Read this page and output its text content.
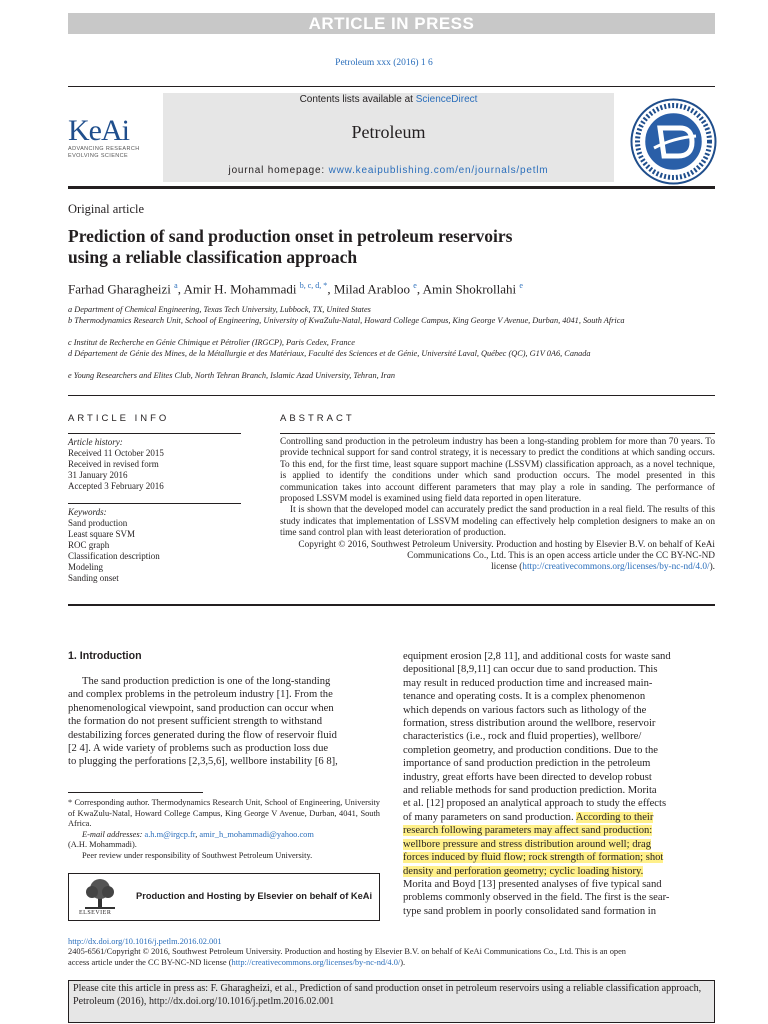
ARTICLE IN PRESS
Petroleum xxx (2016) 1 6
KeAi
ADVANCING RESEARCH
EVOLVING SCIENCE
Contents lists available at ScienceDirect
Petroleum
journal homepage: www.keaipublishing.com/en/journals/petlm
Original article
Prediction of sand production onset in petroleum reservoirs
using a reliable classification approach
Farhad Gharagheizi $^a$, Amir H. Mohammadi $^{b, c, d, *}$, Milad Arabloo $^e$, Amin Shokrollahi $^e$
a Department of Chemical Engineering, Texas Tech University, Lubbock, TX, United States
b Thermodynamics Research Unit, School of Engineering, University of KwaZulu-Natal, Howard College Campus, King George V Avenue, Durban, 4041, South Africa
c Institut de Recherche en Génie Chimique et Pétrolier (IRGCP), Paris Cedex, France
d Département de Génie des Mines, de la Métallurgie et des Matériaux, Faculté des Sciences et de Génie, Université Laval, Québec (QC), G1V 0A6, Canada
e Young Researchers and Elites Club, North Tehran Branch, Islamic Azad University, Tehran, Iran
ARTICLE INFO
Article history:
Received 11 October 2015
Received in revised form
31 January 2016
Accepted 3 February 2016
Keywords:
Sand production
Least square SVM
ROC graph
Classification description
Modeling
Sanding onset
ABSTRACT
Controlling sand production in the petroleum industry has been a long-standing problem for more than 70 years. To provide technical support for sand control strategy, it is necessary to predict the conditions at which sanding occurs. To this end, for the first time, least square support machine (LSSVM) classification approach, as a novel technique, is applied to identify the conditions under which sand production occurs. The model presented in this communication takes into account different parameters that may play a role in sanding. The performance of proposed LSSVM model is examined using field data reported in open literature.
It is shown that the developed model can accurately predict the sand production in a real field. The results of this study indicates that implementation of LSSVM modeling can effectively help completion designers to make an on time sand control plan with least deterioration of production.
Copyright © 2016, Southwest Petroleum University. Production and hosting by Elsevier B.V. on behalf of KeAi Communications Co., Ltd. This is an open access article under the CC BY-NC-ND
license (http://creativecommons.org/licenses/by-nc-nd/4.0/).
1. Introduction
The sand production prediction is one of the long-standing
and complex problems in the petroleum industry [1]. From the
phenomenological viewpoint, sand production can occur when
the formation do not present sufficient strength to withstand
destabilizing forces generated during the flow of reservoir fluid
[2 4]. A wide variety of problems such as production loss due
to plugging the perforations [2,3,5,6], wellbore instability [6 8],
equipment erosion [2,8 11], and additional costs for waste sand
depositional [8,9,11] can occur due to sand production. This
may result in reduced production time and increased main-
tenance and operating costs. It is a complex phenomenon
which depends on various factors such as lithology of the
formation, stress distribution around the wellbore, reservoir
characteristics (i.e., rock and fluid properties), wellbore/
completion geometry, and production conditions. Due to the
importance of sand production prediction in the petroleum
industry, great efforts have been directed to develop robust
and reliable methods for sand production prediction. Morita
et al. [12] proposed an analytical approach to study the effects
of many parameters on sand production. According to their
research following parameters may affect sand production:
wellbore pressure and stress distribution around well; drag
forces induced by fluid flow; rock strength of formation; shot
density and perforation geometry; cyclic loading history.
Morita and Boyd [13] presented analyses of five typical sand
problems commonly observed in the field. The first is the sear-
type sand problem in poorly consolidated sand formation in
* Corresponding author. Thermodynamics Research Unit, School of Engineering, University of KwaZulu-Natal, Howard College Campus, King George V Avenue, Durban, 4041, South Africa.
E-mail addresses: a.h.m@irgcp.fr, amir_h_mohammadi@yahoo.com
(A.H. Mohammadi).
Peer review under responsibility of Southwest Petroleum University.
ELSEVIER
Production and Hosting by Elsevier on behalf of KeAi
http://dx.doi.org/10.1016/j.petlm.2016.02.001
2405-6561/Copyright © 2016, Southwest Petroleum University. Production and hosting by Elsevier B.V. on behalf of KeAi Communications Co., Ltd. This is an open
access article under the CC BY-NC-ND license (http://creativecommons.org/licenses/by-nc-nd/4.0/).
Please cite this article in press as: F. Gharagheizi, et al., Prediction of sand production onset in petroleum reservoirs using a reliable classification approach, Petroleum (2016), http://dx.doi.org/10.1016/j.petlm.2016.02.001
